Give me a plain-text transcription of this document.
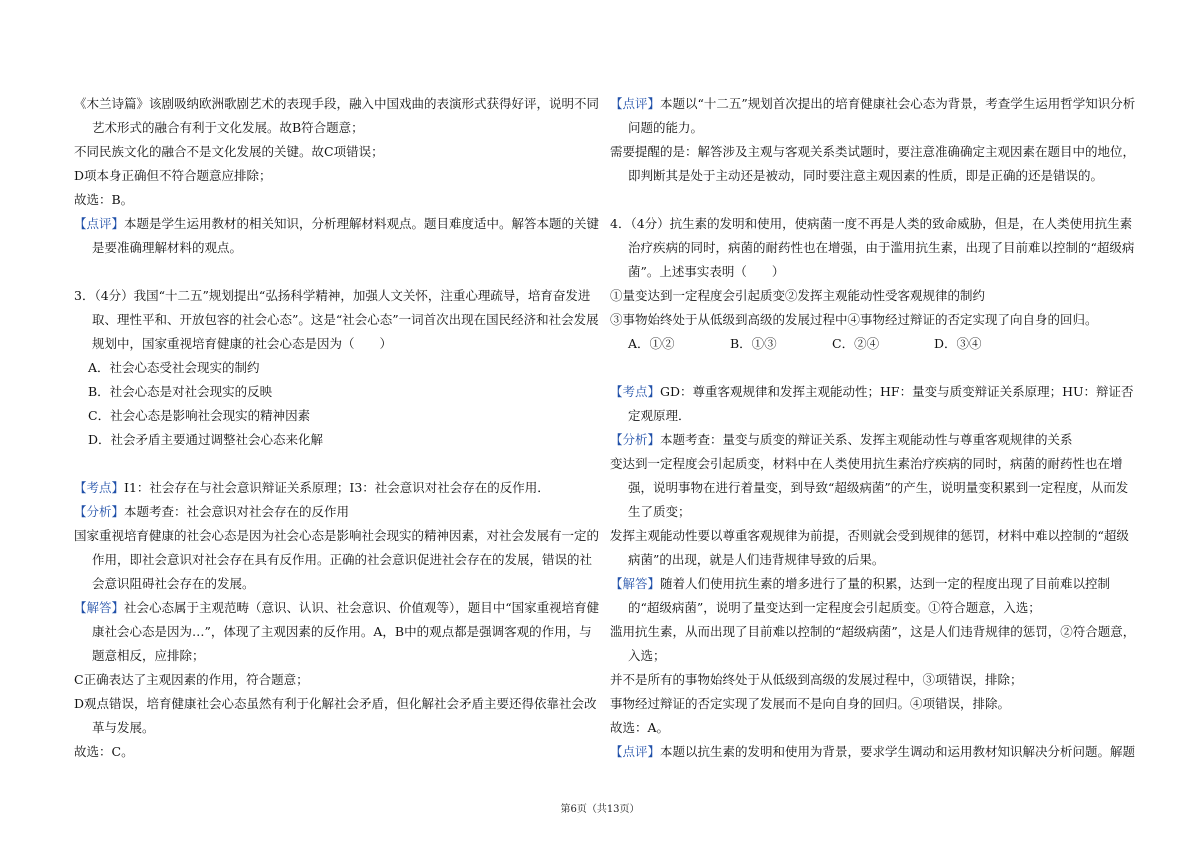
《木兰诗篇》该剧吸纳欧洲歌剧艺术的表现手段，融入中国戏曲的表演形式获得好评，说明不同艺术形式的融合有利于文化发展。故B符合题意；

不同民族文化的融合不是文化发展的关键。故C项错误；

D项本身正确但不符合题意应排除；

故选：B。

【点评】本题是学生运用教材的相关知识，分析理解材料观点。题目难度适中。解答本题的关键是要准确理解材料的观点。

3．（4分）我国“十二五”规划提出“弘扬科学精神，加强人文关怀，注重心理疏导，培育奋发进取、理性平和、开放包容的社会心态”。这是“社会心态”一词首次出现在国民经济和社会发展规划中，国家重视培育健康的社会心态是因为（　　）

A．社会心态受社会现实的制约

B．社会心态是对社会现实的反映

C．社会心态是影响社会现实的精神因素

D．社会矛盾主要通过调整社会心态来化解

【考点】I1：社会存在与社会意识辩证关系原理；I3：社会意识对社会存在的反作用．

【分析】本题考查：社会意识对社会存在的反作用

国家重视培育健康的社会心态是因为社会心态是影响社会现实的精神因素，对社会发展有一定的作用，即社会意识对社会存在具有反作用。正确的社会意识促进社会存在的发展，错误的社会意识阻碍社会存在的发展。

【解答】社会心态属于主观范畴（意识、认识、社会意识、价值观等），题目中“国家重视培育健康社会心态是因为…”，体现了主观因素的反作用。A，B中的观点都是强调客观的作用，与题意相反，应排除；

C正确表达了主观因素的作用，符合题意；

D观点错误，培育健康社会心态虽然有利于化解社会矛盾，但化解社会矛盾主要还得依靠社会改革与发展。

故选：C。

【点评】本题以“十二五”规划首次提出的培育健康社会心态为背景，考查学生运用哲学知识分析问题的能力。

需要提醒的是：解答涉及主观与客观关系类试题时，要注意准确确定主观因素在题目中的地位，即判断其是处于主动还是被动，同时要注意主观因素的性质，即是正确的还是错误的。

4．（4分）抗生素的发明和使用，使病菌一度不再是人类的致命威胁，但是，在人类使用抗生素治疗疾病的同时，病菌的耐药性也在增强，由于滥用抗生素，出现了目前难以控制的“超级病菌”。上述事实表明（　　）

①量变达到一定程度会引起质变②发挥主观能动性受客观规律的制约

③事物始终处于从低级到高级的发展过程中④事物经过辩证的否定实现了向自身的回归。

A．①②	B．①③	C．②④	D．③④

【考点】GD：尊重客观规律和发挥主观能动性；HF：量变与质变辩证关系原理；HU：辩证否定观原理．

【分析】本题考查：量变与质变的辩证关系、发挥主观能动性与尊重客观规律的关系

变达到一定程度会引起质变，材料中在人类使用抗生素治疗疾病的同时，病菌的耐药性也在增强，说明事物在进行着量变，到导致“超级病菌”的产生，说明量变积累到一定程度，从而发生了质变；

发挥主观能动性要以尊重客观规律为前提，否则就会受到规律的惩罚，材料中难以控制的“超级病菌”的出现，就是人们违背规律导致的后果。

【解答】随着人们使用抗生素的增多进行了量的积累，达到一定的程度出现了目前难以控制的“超级病菌”，说明了量变达到一定程度会引起质变。①符合题意，入选；

滥用抗生素，从而出现了目前难以控制的“超级病菌”，这是人们违背规律的惩罚，②符合题意，入选；

并不是所有的事物始终处于从低级到高级的发展过程中，③项错误，排除；

事物经过辩证的否定实现了发展而不是向自身的回归。④项错误，排除。

故选：A。

【点评】本题以抗生素的发明和使用为背景，要求学生调动和运用教材知识解决分析问题。解题

第6页（共13页）
